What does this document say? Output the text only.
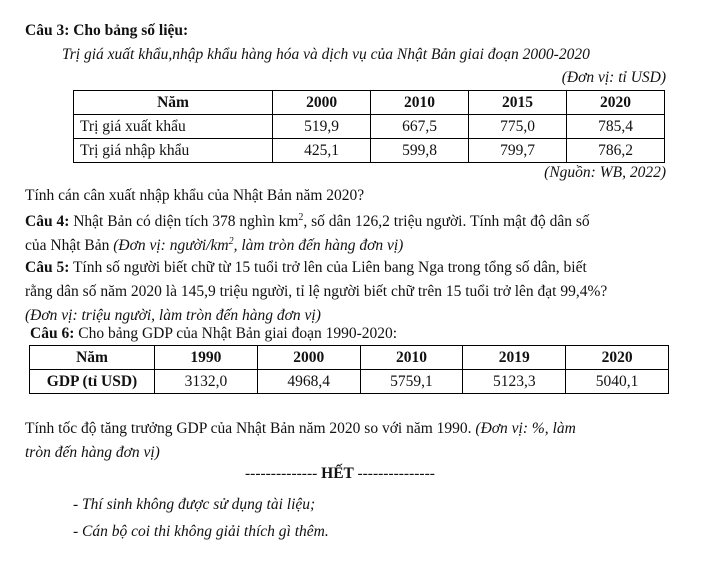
Câu 3: Cho bảng số liệu:
Trị giá xuất khẩu,nhập khẩu hàng hóa và dịch vụ của Nhật Bản giai đoạn 2000-2020
(Đơn vị: tỉ USD)
Năm	2000	2010	2015	2020
Trị giá xuất khẩu	519,9	667,5	775,0	785,4
Trị giá nhập khẩu	425,1	599,8	799,7	786,2
(Nguồn: WB, 2022)
Tính cán cân xuất nhập khẩu của Nhật Bản năm 2020?
Câu 4: Nhật Bản có diện tích 378 nghìn $km^2$, số dân 126,2 triệu người. Tính mật độ dân số
của Nhật Bản (Đơn vị: người/$km^2$, làm tròn đến hàng đơn vị)
Câu 5: Tính số người biết chữ từ 15 tuổi trở lên của Liên bang Nga trong tổng số dân, biết
rằng dân số năm 2020 là 145,9 triệu người, tỉ lệ người biết chữ trên 15 tuổi trở lên đạt 99,4%?
(Đơn vị: triệu người, làm tròn đến hàng đơn vị)
Câu 6: Cho bảng GDP của Nhật Bản giai đoạn 1990-2020:
Năm	1990	2000	2010	2019	2020
GDP (tỉ USD)	3132,0	4968,4	5759,1	5123,3	5040,1
Tính tốc độ tăng trưởng GDP của Nhật Bản năm 2020 so với năm 1990. (Đơn vị: %, làm
tròn đến hàng đơn vị)
-------------- HẾT ---------------
- Thí sinh không được sử dụng tài liệu;
- Cán bộ coi thi không giải thích gì thêm.
